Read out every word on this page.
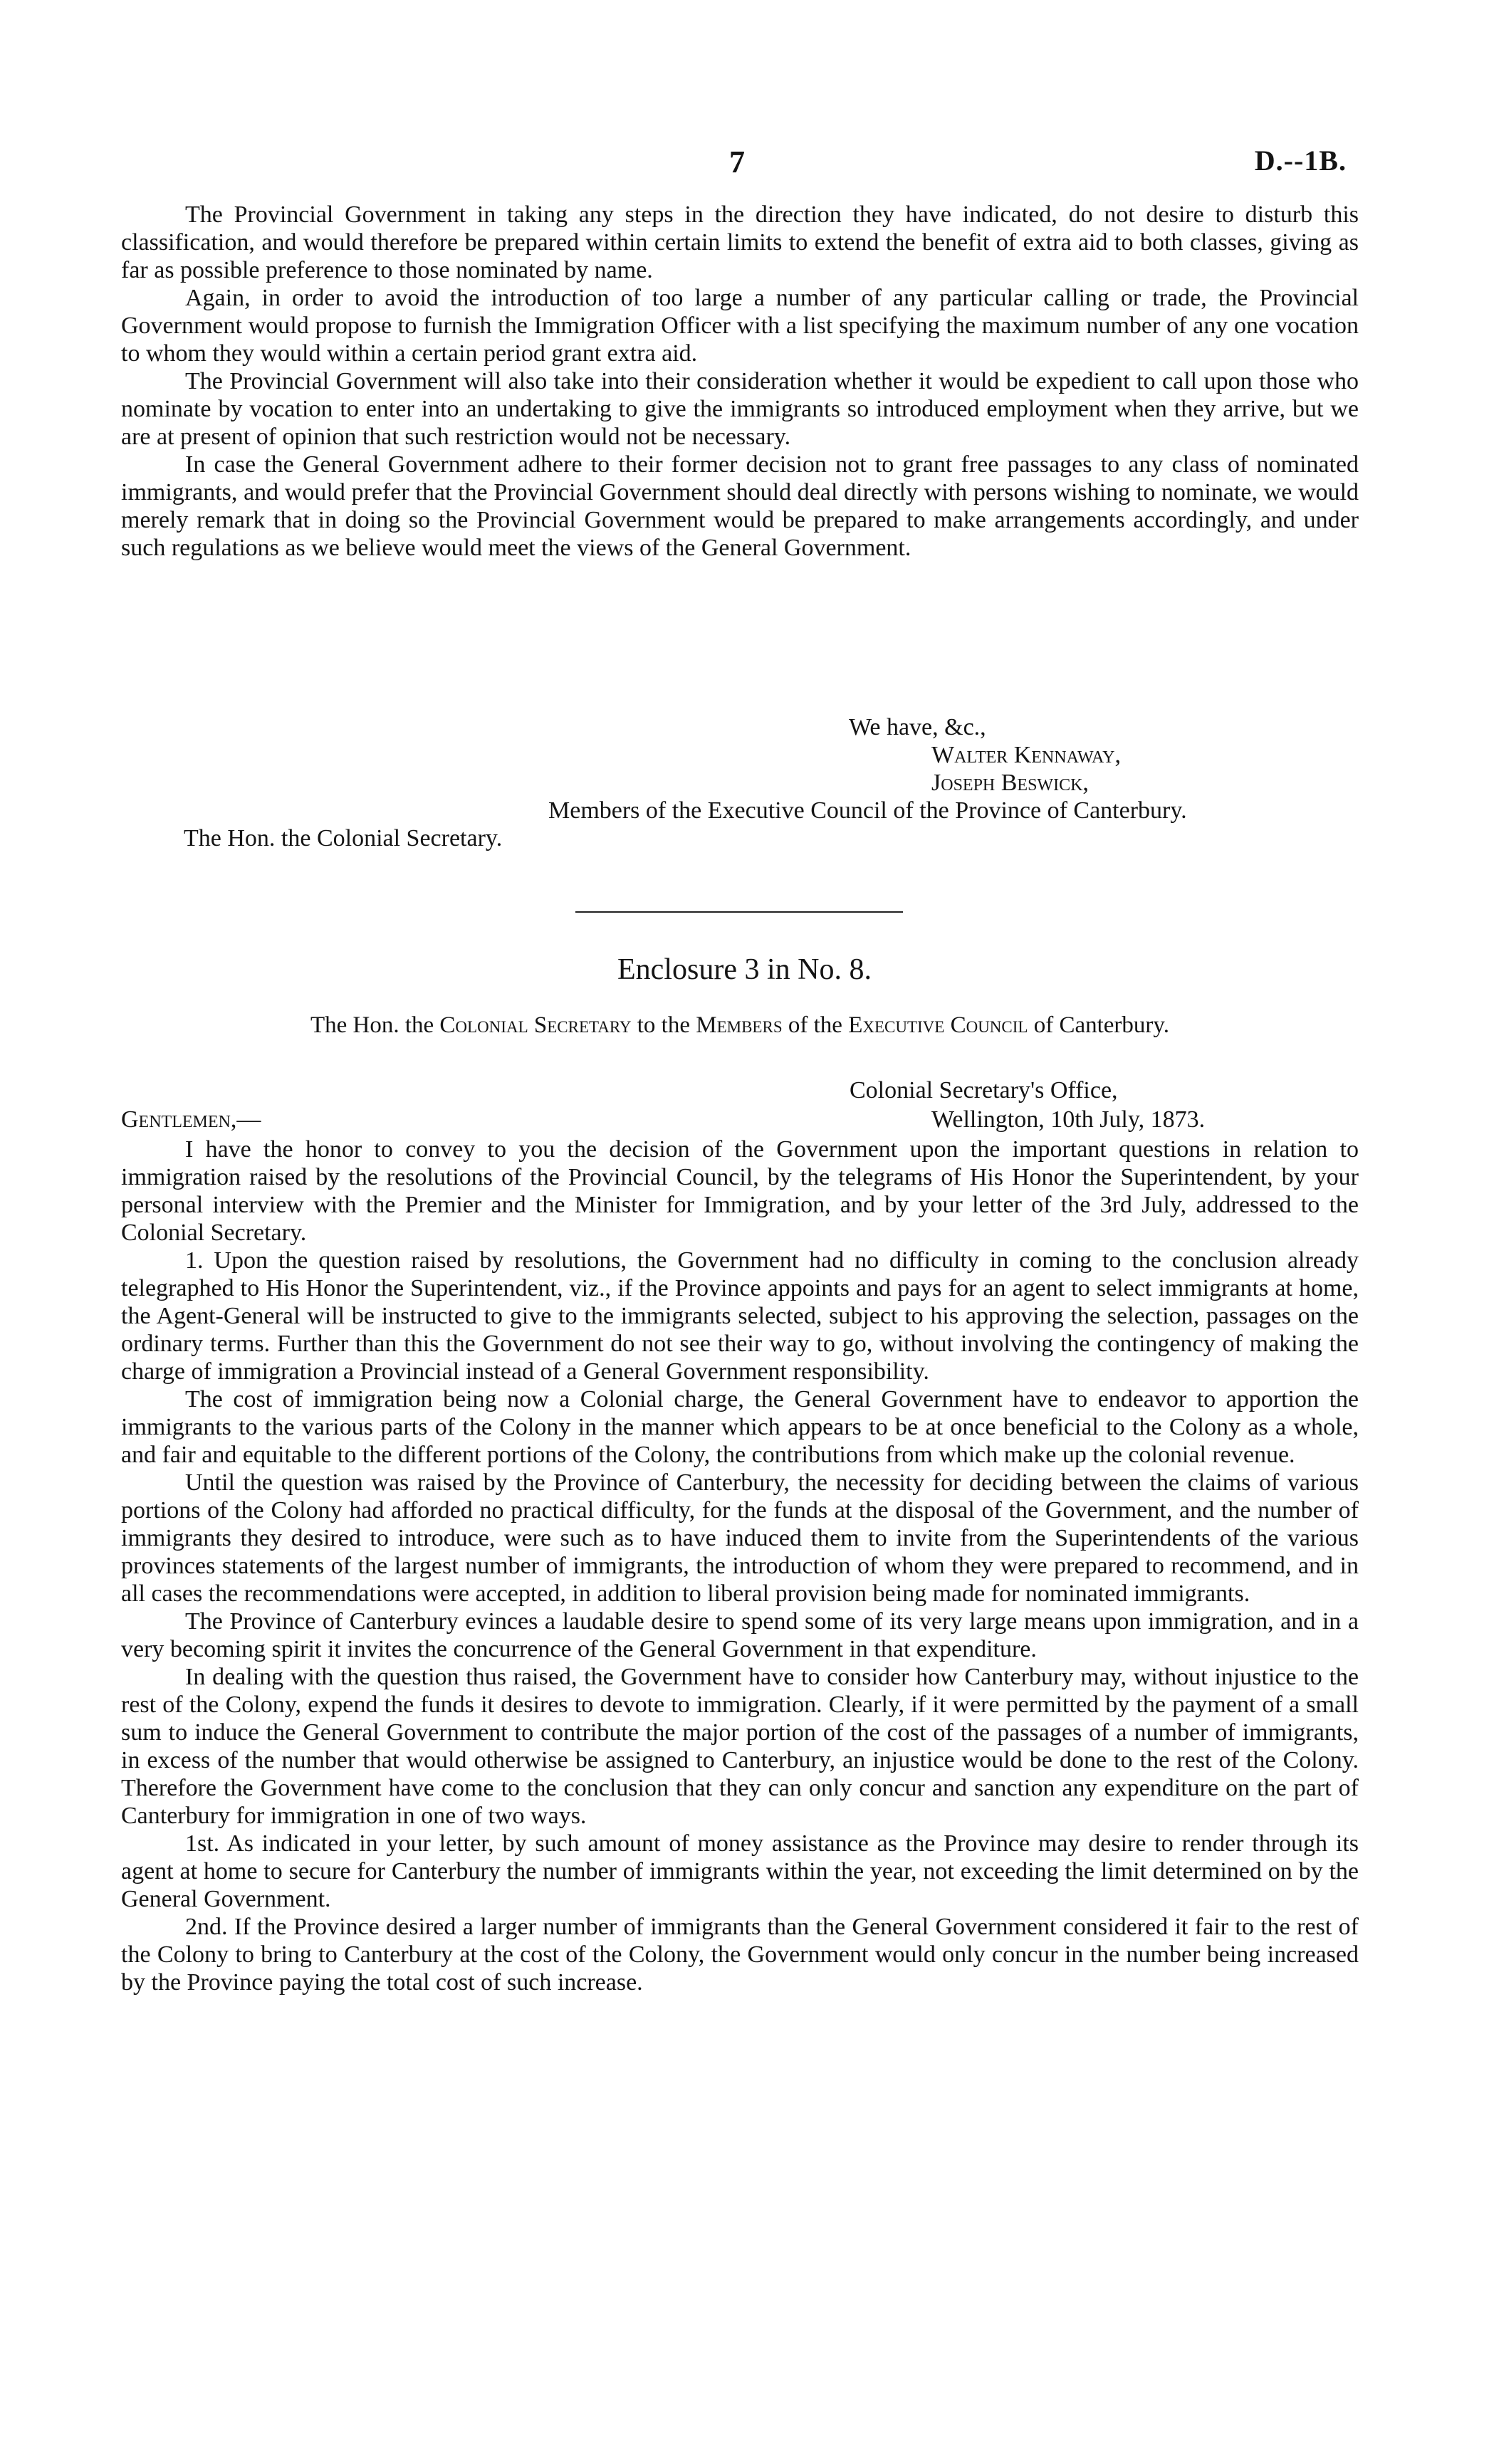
7	D.--1B.

The Provincial Government in taking any steps in the direction they have indicated, do not desire to disturb this classification, and would therefore be prepared within certain limits to extend the benefit of extra aid to both classes, giving as far as possible preference to those nominated by name.

Again, in order to avoid the introduction of too large a number of any particular calling or trade, the Provincial Government would propose to furnish the Immigration Officer with a list specifying the maximum number of any one vocation to whom they would within a certain period grant extra aid.

The Provincial Government will also take into their consideration whether it would be expedient to call upon those who nominate by vocation to enter into an undertaking to give the immigrants so introduced employment when they arrive, but we are at present of opinion that such restriction would not be necessary.

In case the General Government adhere to their former decision not to grant free passages to any class of nominated immigrants, and would prefer that the Provincial Government should deal directly with persons wishing to nominate, we would merely remark that in doing so the Provincial Government would be prepared to make arrangements accordingly, and under such regulations as we believe would meet the views of the General Government.

We have, &c.,
Walter Kennaway,
Joseph Beswick,
Members of the Executive Council of the Province of Canterbury.
The Hon. the Colonial Secretary.
Enclosure 3 in No. 8.
The Hon. the Colonial Secretary to the Members of the Executive Council of Canterbury.
Colonial Secretary's Office,
Gentlemen,—	Wellington, 10th July, 1873.

I have the honor to convey to you the decision of the Government upon the important questions in relation to immigration raised by the resolutions of the Provincial Council, by the telegrams of His Honor the Superintendent, by your personal interview with the Premier and the Minister for Immigration, and by your letter of the 3rd July, addressed to the Colonial Secretary.

1. Upon the question raised by resolutions, the Government had no difficulty in coming to the conclusion already telegraphed to His Honor the Superintendent, viz., if the Province appoints and pays for an agent to select immigrants at home, the Agent-General will be instructed to give to the immigrants selected, subject to his approving the selection, passages on the ordinary terms. Further than this the Government do not see their way to go, without involving the contingency of making the charge of immigration a Provincial instead of a General Government responsibility.

The cost of immigration being now a Colonial charge, the General Government have to endeavor to apportion the immigrants to the various parts of the Colony in the manner which appears to be at once beneficial to the Colony as a whole, and fair and equitable to the different portions of the Colony, the contributions from which make up the colonial revenue.

Until the question was raised by the Province of Canterbury, the necessity for deciding between the claims of various portions of the Colony had afforded no practical difficulty, for the funds at the disposal of the Government, and the number of immigrants they desired to introduce, were such as to have induced them to invite from the Superintendents of the various provinces statements of the largest number of immigrants, the introduction of whom they were prepared to recommend, and in all cases the recommendations were accepted, in addition to liberal provision being made for nominated immigrants.

The Province of Canterbury evinces a laudable desire to spend some of its very large means upon immigration, and in a very becoming spirit it invites the concurrence of the General Government in that expenditure.

In dealing with the question thus raised, the Government have to consider how Canterbury may, without injustice to the rest of the Colony, expend the funds it desires to devote to immigration. Clearly, if it were permitted by the payment of a small sum to induce the General Government to contribute the major portion of the cost of the passages of a number of immigrants, in excess of the number that would otherwise be assigned to Canterbury, an injustice would be done to the rest of the Colony. Therefore the Government have come to the conclusion that they can only concur and sanction any expenditure on the part of Canterbury for immigration in one of two ways.

1st. As indicated in your letter, by such amount of money assistance as the Province may desire to render through its agent at home to secure for Canterbury the number of immigrants within the year, not exceeding the limit determined on by the General Government.

2nd. If the Province desired a larger number of immigrants than the General Government considered it fair to the rest of the Colony to bring to Canterbury at the cost of the Colony, the Government would only concur in the number being increased by the Province paying the total cost of such increase.
